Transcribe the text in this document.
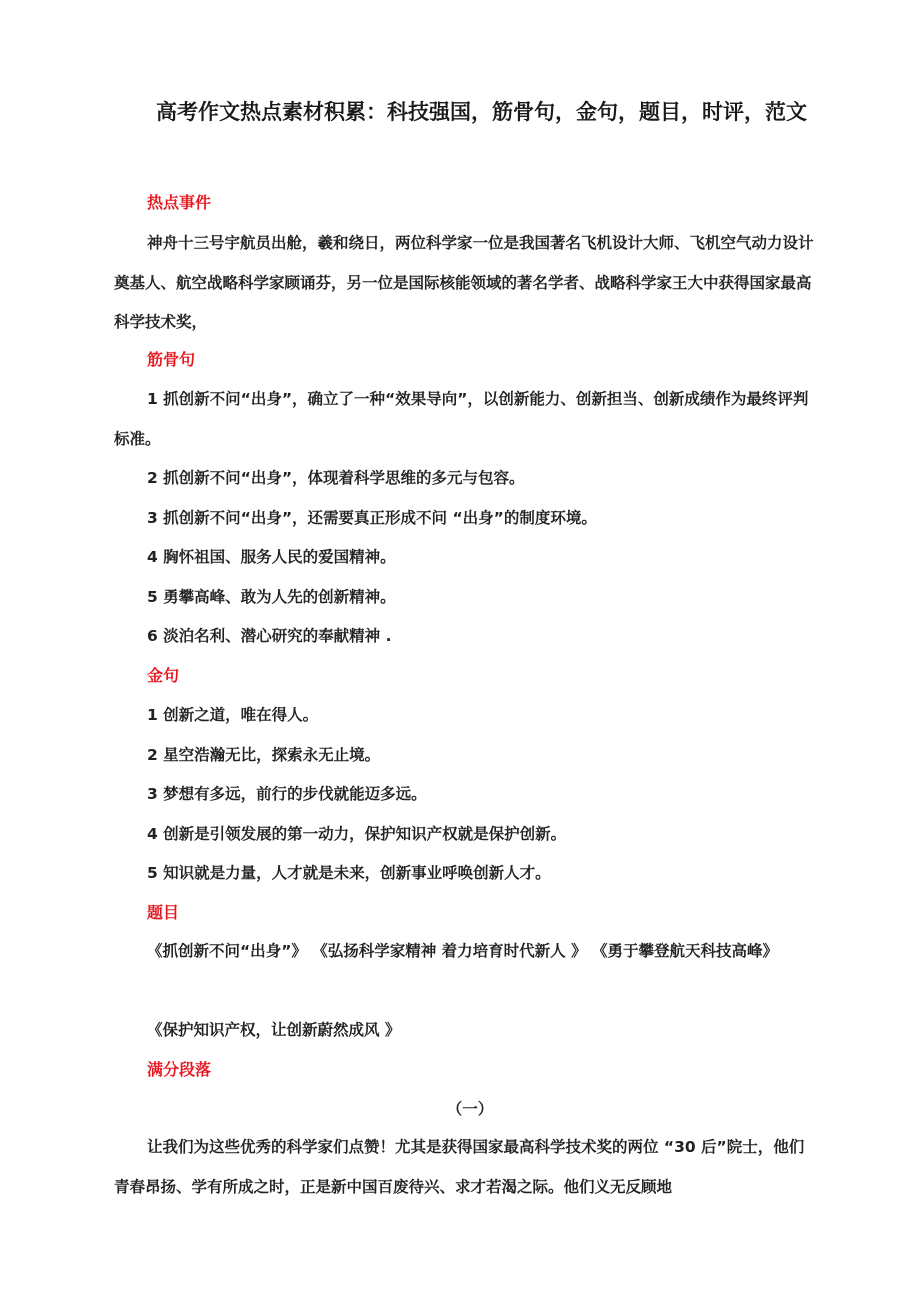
高考作文热点素材积累：科技强国，筋骨句，金句，题目，时评，范文
热点事件
神舟十三号宇航员出舱，羲和绕日，两位科学家一位是我国著名飞机设计大师、飞机空气动力设计奠基人、航空战略科学家顾诵芬，另一位是国际核能领域的著名学者、战略科学家王大中获得国家最高科学技术奖，
筋骨句
1 抓创新不问“出身”，确立了一种“效果导向”，以创新能力、创新担当、创新成绩作为最终评判标准。
2 抓创新不问“出身”，体现着科学思维的多元与包容。
3 抓创新不问“出身”，还需要真正形成不问 “出身”的制度环境。
4 胸怀祖国、服务人民的爱国精神。
5 勇攀高峰、敢为人先的创新精神。
6 淡泊名利、潜心研究的奉献精神 .
金句
1 创新之道，唯在得人。
2 星空浩瀚无比，探索永无止境。
3 梦想有多远，前行的步伐就能迈多远。
4 创新是引领发展的第一动力，保护知识产权就是保护创新。
5 知识就是力量，人才就是未来，创新事业呼唤创新人才。
题目
《抓创新不问“出身”》 《弘扬科学家精神 着力培育时代新人 》 《勇于攀登航天科技高峰》
《保护知识产权，让创新蔚然成风 》
满分段落
（一）
让我们为这些优秀的科学家们点赞！尤其是获得国家最高科学技术奖的两位 “30 后”院士，他们青春昂扬、学有所成之时，正是新中国百废待兴、求才若渴之际。他们义无反顾地
